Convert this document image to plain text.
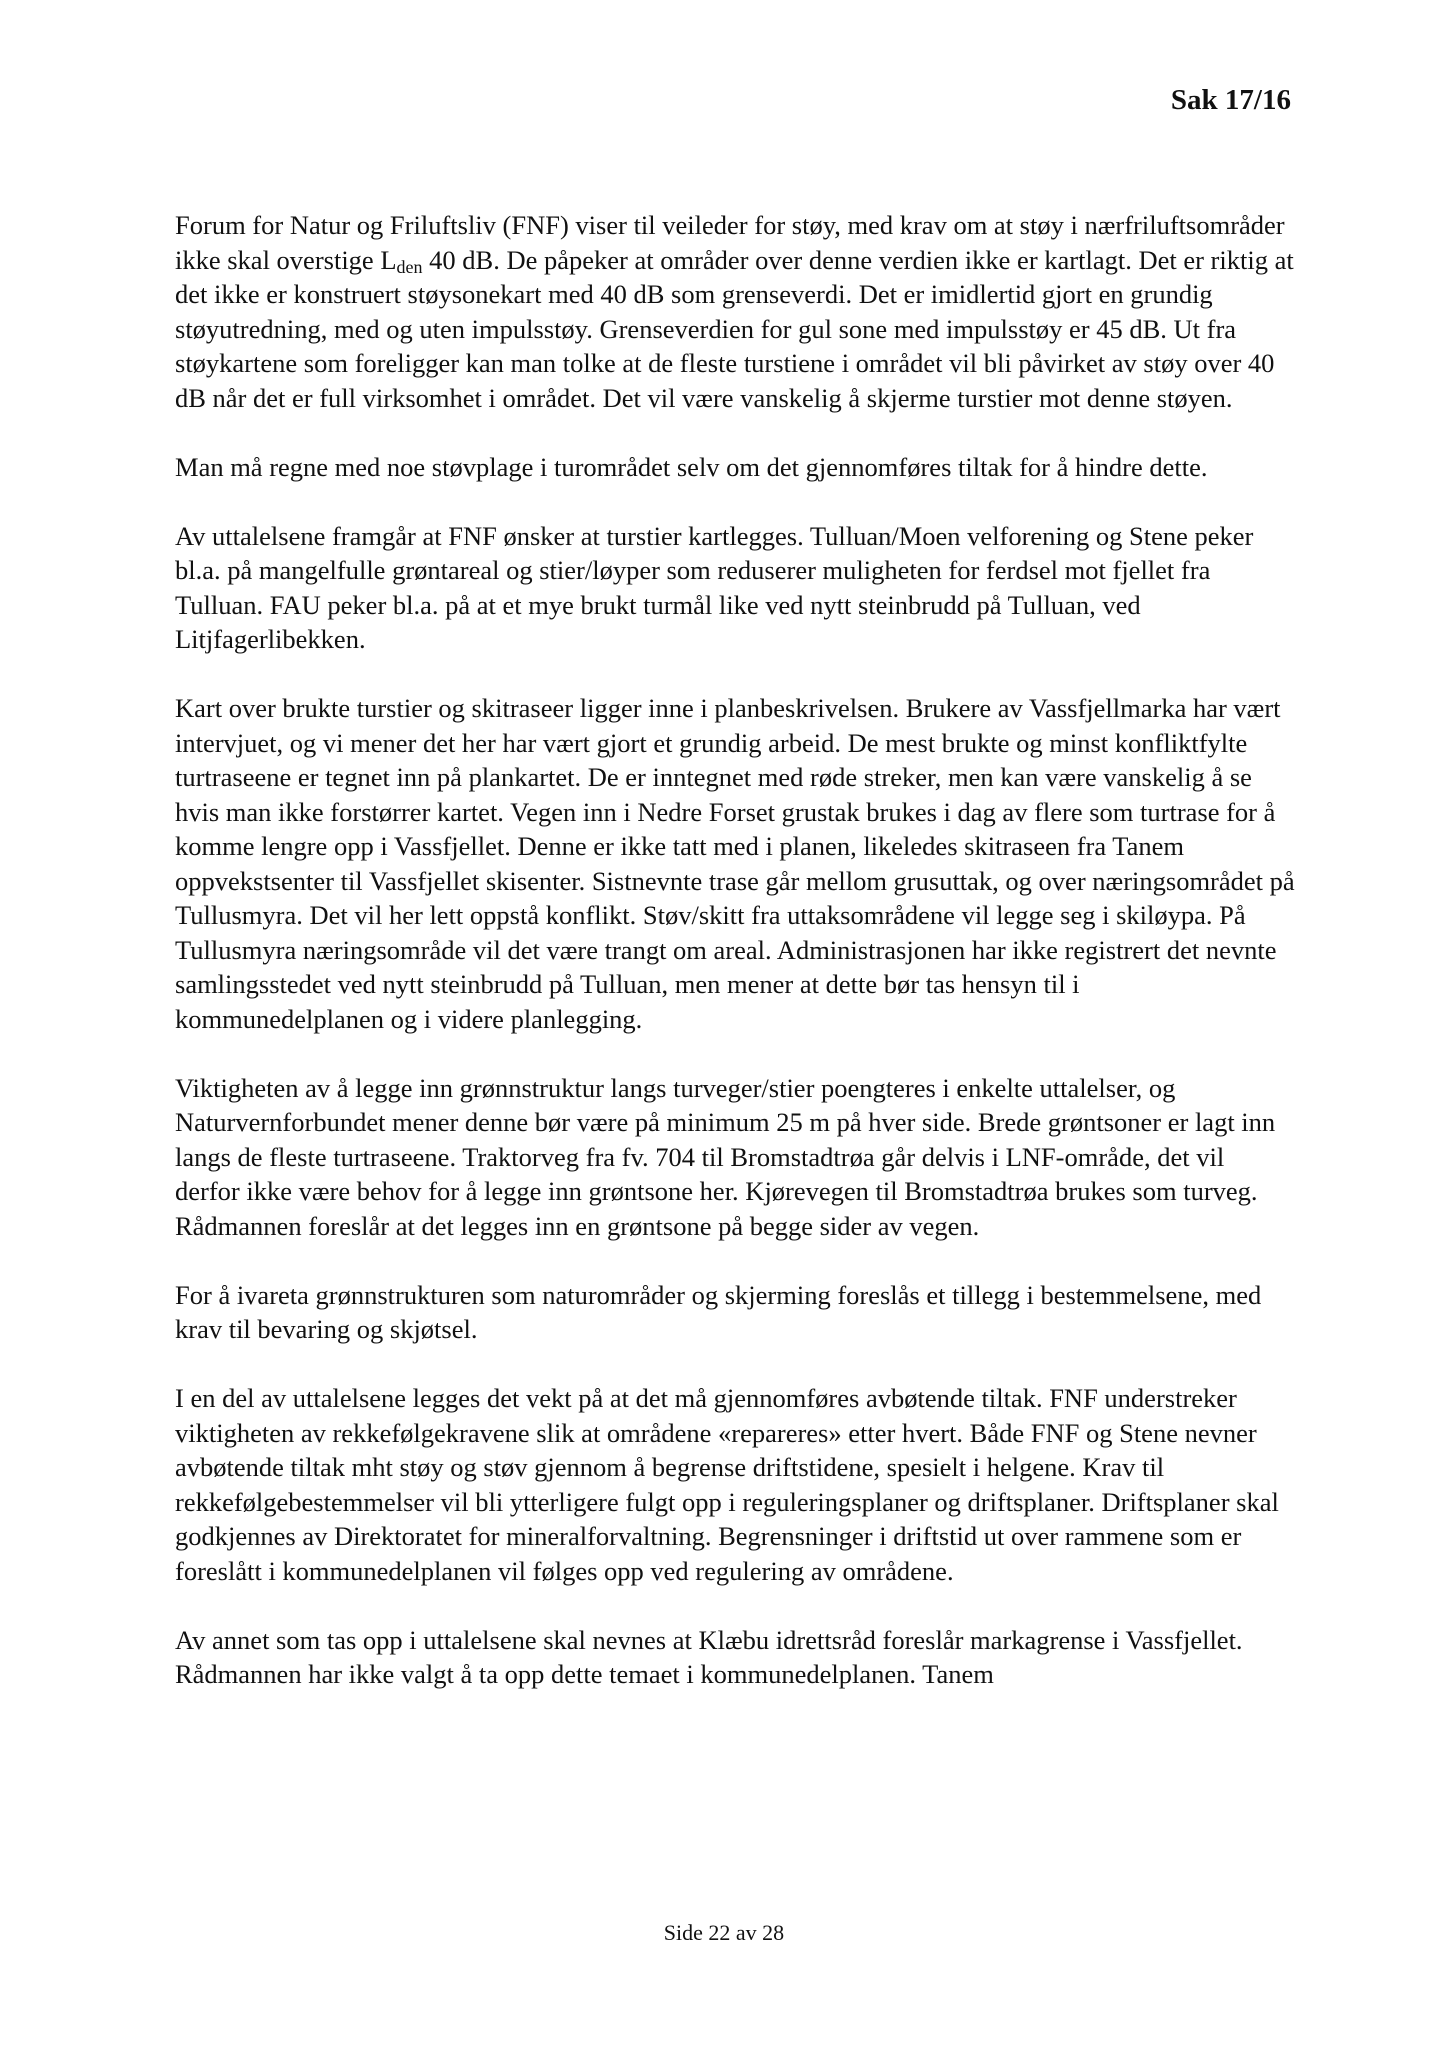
Sak 17/16

Forum for Natur og Friluftsliv (FNF) viser til veileder for støy, med krav om at støy i nærfriluftsområder ikke skal overstige $L_{den}$ 40 dB. De påpeker at områder over denne verdien ikke er kartlagt. Det er riktig at det ikke er konstruert støysonekart med 40 dB som grenseverdi. Det er imidlertid gjort en grundig støyutredning, med og uten impulsstøy. Grenseverdien for gul sone med impulsstøy er 45 dB. Ut fra støykartene som foreligger kan man tolke at de fleste turstiene i området vil bli påvirket av støy over 40 dB når det er full virksomhet i området. Det vil være vanskelig å skjerme turstier mot denne støyen.

Man må regne med noe støvplage i turområdet selv om det gjennomføres tiltak for å hindre dette.

Av uttalelsene framgår at FNF ønsker at turstier kartlegges. Tulluan/Moen velforening og Stene peker bl.a. på mangelfulle grøntareal og stier/løyper som reduserer muligheten for ferdsel mot fjellet fra Tulluan. FAU peker bl.a. på at et mye brukt turmål like ved nytt steinbrudd på Tulluan, ved Litjfagerlibekken.

Kart over brukte turstier og skitraseer ligger inne i planbeskrivelsen. Brukere av Vassfjellmarka har vært intervjuet, og vi mener det her har vært gjort et grundig arbeid. De mest brukte og minst konfliktfylte turtraseene er tegnet inn på plankartet. De er inntegnet med røde streker, men kan være vanskelig å se hvis man ikke forstørrer kartet. Vegen inn i Nedre Forset grustak brukes i dag av flere som turtrase for å komme lengre opp i Vassfjellet. Denne er ikke tatt med i planen, likeledes skitraseen fra Tanem oppvekstsenter til Vassfjellet skisenter. Sistnevnte trase går mellom grusuttak, og over næringsområdet på Tullusmyra. Det vil her lett oppstå konflikt. Støv/skitt fra uttaksområdene vil legge seg i skiløypa. På Tullusmyra næringsområde vil det være trangt om areal. Administrasjonen har ikke registrert det nevnte samlingsstedet ved nytt steinbrudd på Tulluan, men mener at dette bør tas hensyn til i kommunedelplanen og i videre planlegging.

Viktigheten av å legge inn grønnstruktur langs turveger/stier poengteres i enkelte uttalelser, og Naturvernforbundet mener denne bør være på minimum 25 m på hver side. Brede grøntsoner er lagt inn langs de fleste turtraseene. Traktorveg fra fv. 704 til Bromstadtrøa går delvis i LNF-område, det vil derfor ikke være behov for å legge inn grøntsone her. Kjørevegen til Bromstadtrøa brukes som turveg. Rådmannen foreslår at det legges inn en grøntsone på begge sider av vegen.

For å ivareta grønnstrukturen som naturområder og skjerming foreslås et tillegg i bestemmelsene, med krav til bevaring og skjøtsel.

I en del av uttalelsene legges det vekt på at det må gjennomføres avbøtende tiltak. FNF understreker viktigheten av rekkefølgekravene slik at områdene «repareres» etter hvert. Både FNF og Stene nevner avbøtende tiltak mht støy og støv gjennom å begrense driftstidene, spesielt i helgene. Krav til rekkefølgebestemmelser vil bli ytterligere fulgt opp i reguleringsplaner og driftsplaner. Driftsplaner skal godkjennes av Direktoratet for mineralforvaltning. Begrensninger i driftstid ut over rammene som er foreslått i kommunedelplanen vil følges opp ved regulering av områdene.

Av annet som tas opp i uttalelsene skal nevnes at Klæbu idrettsråd foreslår markagrense i Vassfjellet. Rådmannen har ikke valgt å ta opp dette temaet i kommunedelplanen. Tanem

Side 22 av 28
